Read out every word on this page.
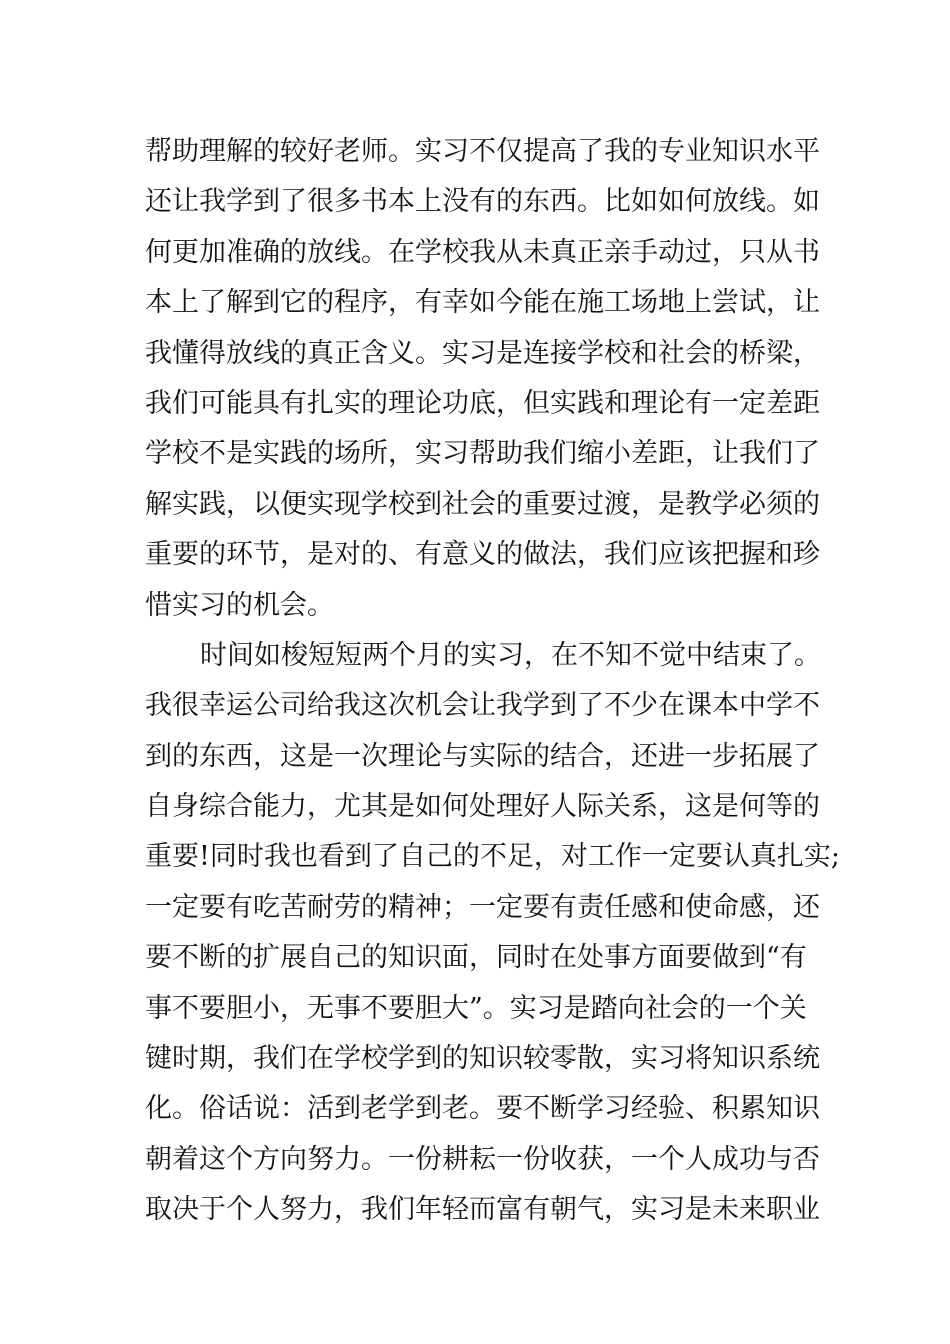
帮助理解的较好老师。实习不仅提高了我的专业知识水平
还让我学到了很多书本上没有的东西。比如如何放线。如
何更加准确的放线。在学校我从未真正亲手动过，只从书
本上了解到它的程序，有幸如今能在施工场地上尝试，让
我懂得放线的真正含义。实习是连接学校和社会的桥梁，
我们可能具有扎实的理论功底，但实践和理论有一定差距
学校不是实践的场所，实习帮助我们缩小差距，让我们了
解实践，以便实现学校到社会的重要过渡，是教学必须的
重要的环节，是对的、有意义的做法，我们应该把握和珍
惜实习的机会。
时间如梭短短两个月的实习，在不知不觉中结束了。
我很幸运公司给我这次机会让我学到了不少在课本中学不
到的东西，这是一次理论与实际的结合，还进一步拓展了
自身综合能力，尤其是如何处理好人际关系，这是何等的
重要!同时我也看到了自己的不足，对工作一定要认真扎实;
一定要有吃苦耐劳的精神；一定要有责任感和使命感，还
要不断的扩展自己的知识面，同时在处事方面要做到“有
事不要胆小，无事不要胆大”。实习是踏向社会的一个关
键时期，我们在学校学到的知识较零散，实习将知识系统
化。俗话说：活到老学到老。要不断学习经验、积累知识
朝着这个方向努力。一份耕耘一份收获，一个人成功与否
取决于个人努力，我们年轻而富有朝气，实习是未来职业
